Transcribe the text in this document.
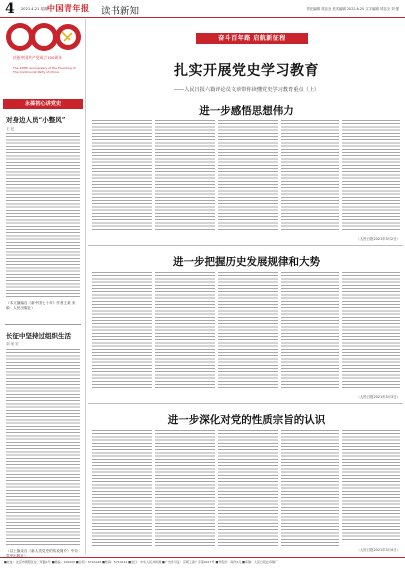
4 2021.4.21 星期三
中国青年报 读书新知	责任编辑 邦忠全 美术编辑 2022.6.25 文字编辑 邦忠全 刘 强
庆祝中国共产党成立100周年
The 100th Anniversary of the Founding of The Communist Party of China
永葆初心讲党史
对身边人员“小整风”
王 纪
（本文摘编自《新中国七十年》作者王某 来源：人民出版社）
长征中坚持过组织生活
刘 家 宏
（以上摘录自《新人类党史的传说简介》中央党史出版社）
奋斗百年路 启航新征程
扎实开展党史学习教育
——人民日报六篇评论员文章带你读懂党史学习教育重点（上）
进一步感悟思想伟力
（人民日报2021年3月2日）
进一步把握历史发展规律和大势
（人民日报2021年3月3日）
进一步深化对党的性质宗旨的认识
（人民日报2021年3月4日）
■社址：北京市朝阳区东二环路1号 ■邮编：100020 ■总机：5710240 ■传真：5710241 ■发行：中华人民共和国 ■广告许可证：京朝工商广字第0017号 ■零售价：每份2元 ■印刷：人民日报社印刷厂
